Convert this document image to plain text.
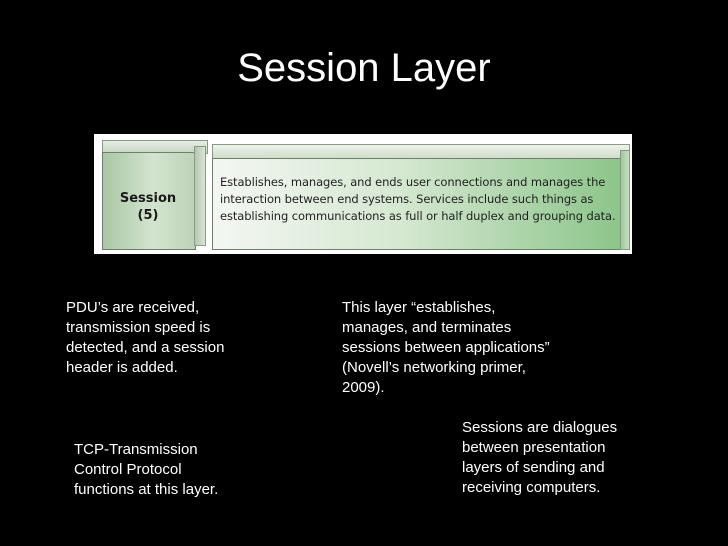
Session Layer
Session
(5)
Establishes, manages, and ends user connections and manages the interaction between end systems. Services include such things as establishing communications as full or half duplex and grouping data.
PDU’s are received,
transmission speed is
detected, and a session
header is added.
This layer “establishes,
manages, and terminates
sessions between applications”
(Novell’s networking primer,
2009).
Sessions are dialogues
between presentation
layers of sending and
receiving computers.
TCP-Transmission
Control Protocol
functions at this layer.
